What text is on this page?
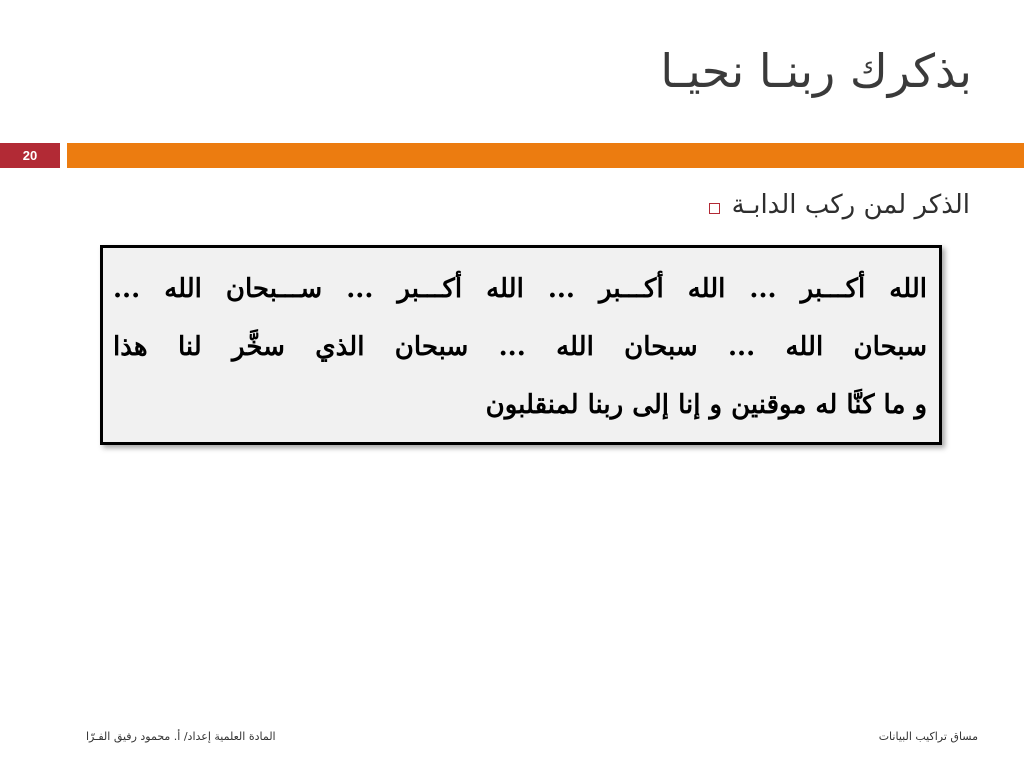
بذكرك ربنـا نحيـا
20
الذكر لمن ركب الدابـة
الله أكـــبر ... الله أكـــبر ... الله أكـــبر ... ســـبحان الله ...
سبحان الله ... سبحان الله ... سبحان الذي سخَّر لنا هذا
و ما كنَّا له موقنين و إنا إلى ربنا لمنقلبون
المادة العلمية إعداد/ أ. محمود رفيق الفـرّا	مساق تراكيب البيانات
